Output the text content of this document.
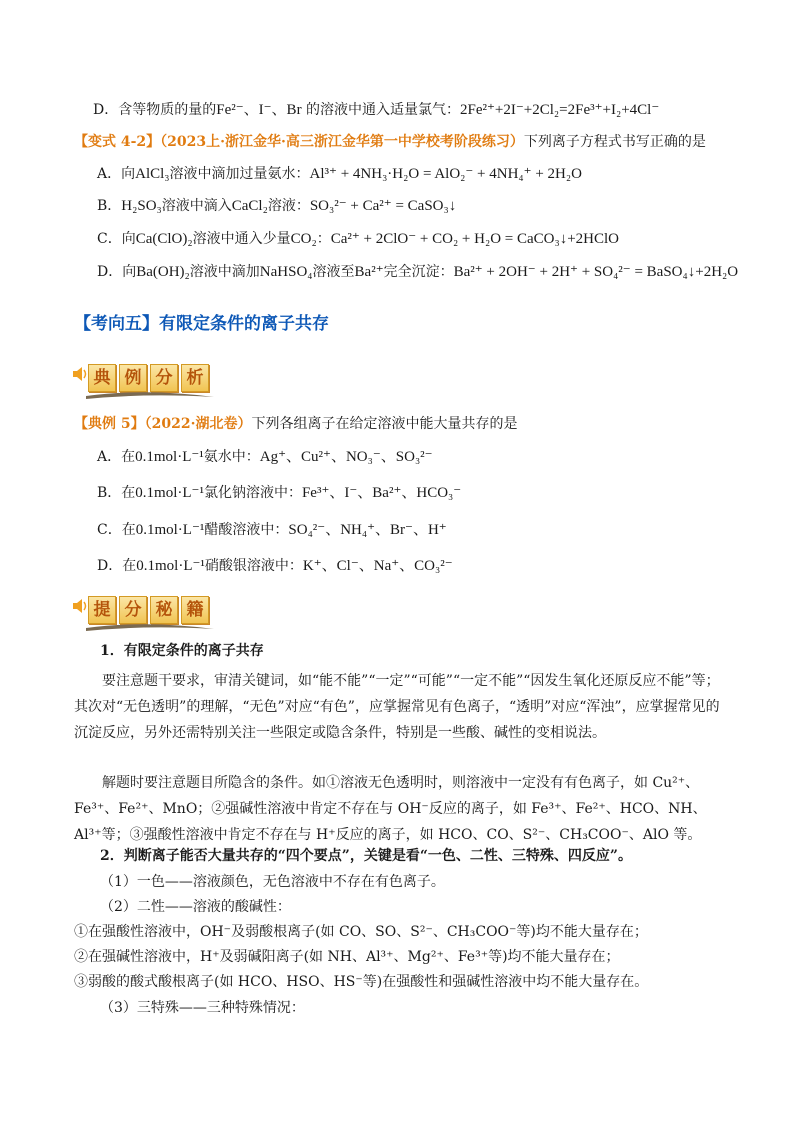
D．含等物质的量的Fe²⁻、I⁻、Br 的溶液中通入适量氯气：2Fe²⁺+2I⁻+2Cl₂=2Fe³⁺+I₂+4Cl⁻
【变式 4-2】（2023上·浙江金华·高三浙江金华第一中学校考阶段练习）下列离子方程式书写正确的是
A．向AlCl₃溶液中滴加过量氨水：Al³⁺ + 4NH₃·H₂O = AlO₂⁻ + 4NH₄⁺ + 2H₂O
B．H₂SO₃溶液中滴入CaCl₂溶液：SO₃²⁻ + Ca²⁺ = CaSO₃↓
C．向Ca(ClO)₂溶液中通入少量CO₂：Ca²⁺ + 2ClO⁻ + CO₂ + H₂O = CaCO₃↓+2HClO
D．向Ba(OH)₂溶液中滴加NaHSO₄溶液至Ba²⁺完全沉淀：Ba²⁺ + 2OH⁻ + 2H⁺ + SO₄²⁻ = BaSO₄↓+2H₂O
【考向五】有限定条件的离子共存
典 例 分 析
【典例 5】（2022·湖北卷）下列各组离子在给定溶液中能大量共存的是
A．在0.1mol·L⁻¹氨水中：Ag⁺、Cu²⁺、NO₃⁻、SO₃²⁻
B．在0.1mol·L⁻¹氯化钠溶液中：Fe³⁺、I⁻、Ba²⁺、HCO₃⁻
C．在0.1mol·L⁻¹醋酸溶液中：SO₄²⁻、NH₄⁺、Br⁻、H⁺
D．在0.1mol·L⁻¹硝酸银溶液中：K⁺、Cl⁻、Na⁺、CO₃²⁻
提 分 秘 籍
1．有限定条件的离子共存
要注意题干要求，审清关键词，如“能不能”“一定”“可能”“一定不能”“因发生氧化还原反应不能”等；其次对“无色透明”的理解，“无色”对应“有色”，应掌握常见有色离子，“透明”对应“浑浊”，应掌握常见的沉淀反应，另外还需特别关注一些限定或隐含条件，特别是一些酸、碱性的变相说法。
解题时要注意题目所隐含的条件。如①溶液无色透明时，则溶液中一定没有有色离子，如 Cu²⁺、Fe³⁺、Fe²⁺、MnO；②强碱性溶液中肯定不存在与 OH⁻反应的离子，如 Fe³⁺、Fe²⁺、HCO、NH、Al³⁺等；③强酸性溶液中肯定不存在与 H⁺反应的离子，如 HCO、CO、S²⁻、CH₃COO⁻、AlO 等。
2．判断离子能否大量共存的“四个要点”，关键是看“一色、二性、三特殊、四反应”。
（1）一色——溶液颜色，无色溶液中不存在有色离子。
（2）二性——溶液的酸碱性：
①在强酸性溶液中，OH⁻及弱酸根离子(如 CO、SO、S²⁻、CH₃COO⁻等)均不能大量存在；
②在强碱性溶液中，H⁺及弱碱阳离子(如 NH、Al³⁺、Mg²⁺、Fe³⁺等)均不能大量存在；
③弱酸的酸式酸根离子(如 HCO、HSO、HS⁻等)在强酸性和强碱性溶液中均不能大量存在。
（3）三特殊——三种特殊情况：
